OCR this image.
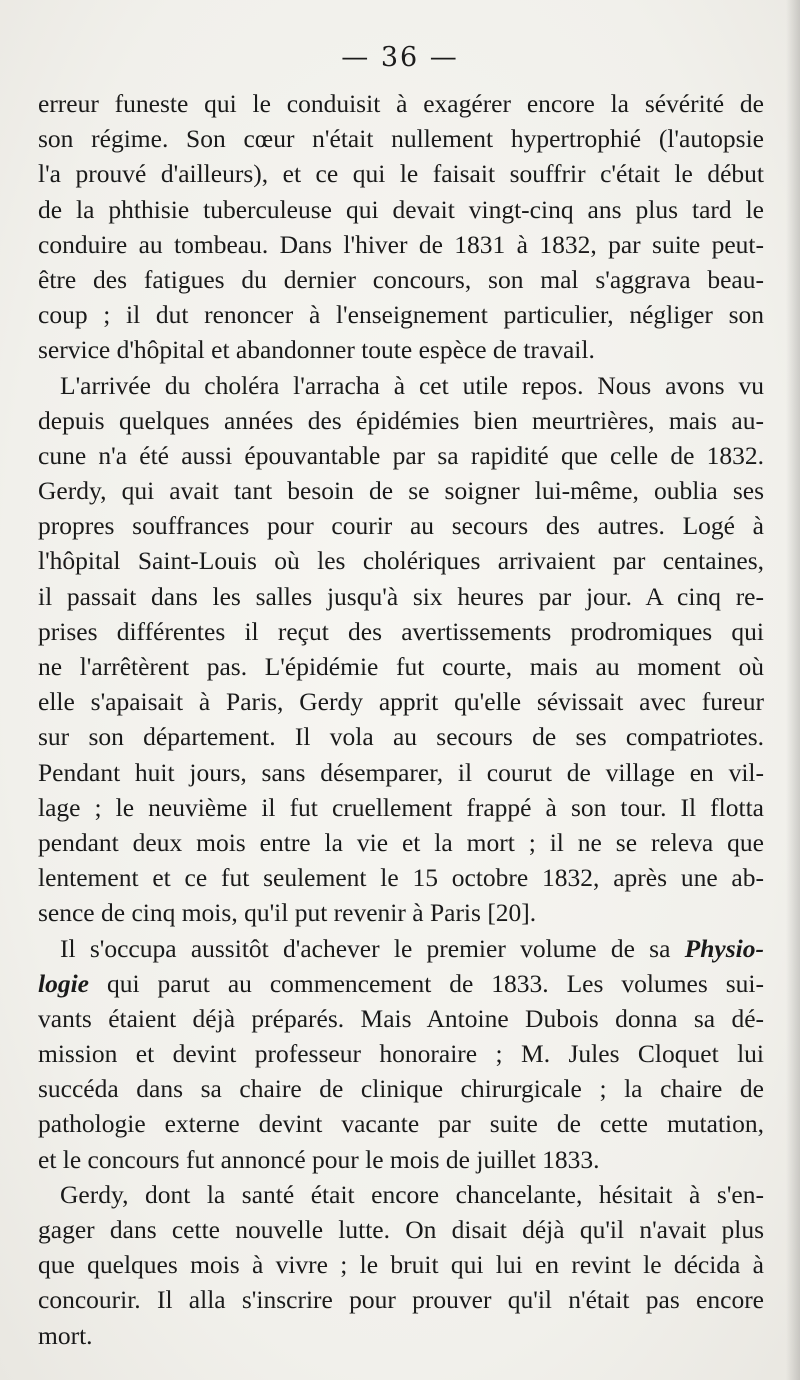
— 36 —
erreur funeste qui le conduisit à exagérer encore la sévérité de
son régime. Son cœur n'était nullement hypertrophié (l'autopsie
l'a prouvé d'ailleurs), et ce qui le faisait souffrir c'était le début
de la phthisie tuberculeuse qui devait vingt-cinq ans plus tard le
conduire au tombeau. Dans l'hiver de 1831 à 1832, par suite peut-
être des fatigues du dernier concours, son mal s'aggrava beau-
coup ; il dut renoncer à l'enseignement particulier, négliger son
service d'hôpital et abandonner toute espèce de travail.
L'arrivée du choléra l'arracha à cet utile repos. Nous avons vu
depuis quelques années des épidémies bien meurtrières, mais au-
cune n'a été aussi épouvantable par sa rapidité que celle de 1832.
Gerdy, qui avait tant besoin de se soigner lui-même, oublia ses
propres souffrances pour courir au secours des autres. Logé à
l'hôpital Saint-Louis où les cholériques arrivaient par centaines,
il passait dans les salles jusqu'à six heures par jour. A cinq re-
prises différentes il reçut des avertissements prodromiques qui
ne l'arrêtèrent pas. L'épidémie fut courte, mais au moment où
elle s'apaisait à Paris, Gerdy apprit qu'elle sévissait avec fureur
sur son département. Il vola au secours de ses compatriotes.
Pendant huit jours, sans désemparer, il courut de village en vil-
lage ; le neuvième il fut cruellement frappé à son tour. Il flotta
pendant deux mois entre la vie et la mort ; il ne se releva que
lentement et ce fut seulement le 15 octobre 1832, après une ab-
sence de cinq mois, qu'il put revenir à Paris [20].
Il s'occupa aussitôt d'achever le premier volume de sa Physio-
logie qui parut au commencement de 1833. Les volumes sui-
vants étaient déjà préparés. Mais Antoine Dubois donna sa dé-
mission et devint professeur honoraire ; M. Jules Cloquet lui
succéda dans sa chaire de clinique chirurgicale ; la chaire de
pathologie externe devint vacante par suite de cette mutation,
et le concours fut annoncé pour le mois de juillet 1833.
Gerdy, dont la santé était encore chancelante, hésitait à s'en-
gager dans cette nouvelle lutte. On disait déjà qu'il n'avait plus
que quelques mois à vivre ; le bruit qui lui en revint le décida à
concourir. Il alla s'inscrire pour prouver qu'il n'était pas encore
mort.
